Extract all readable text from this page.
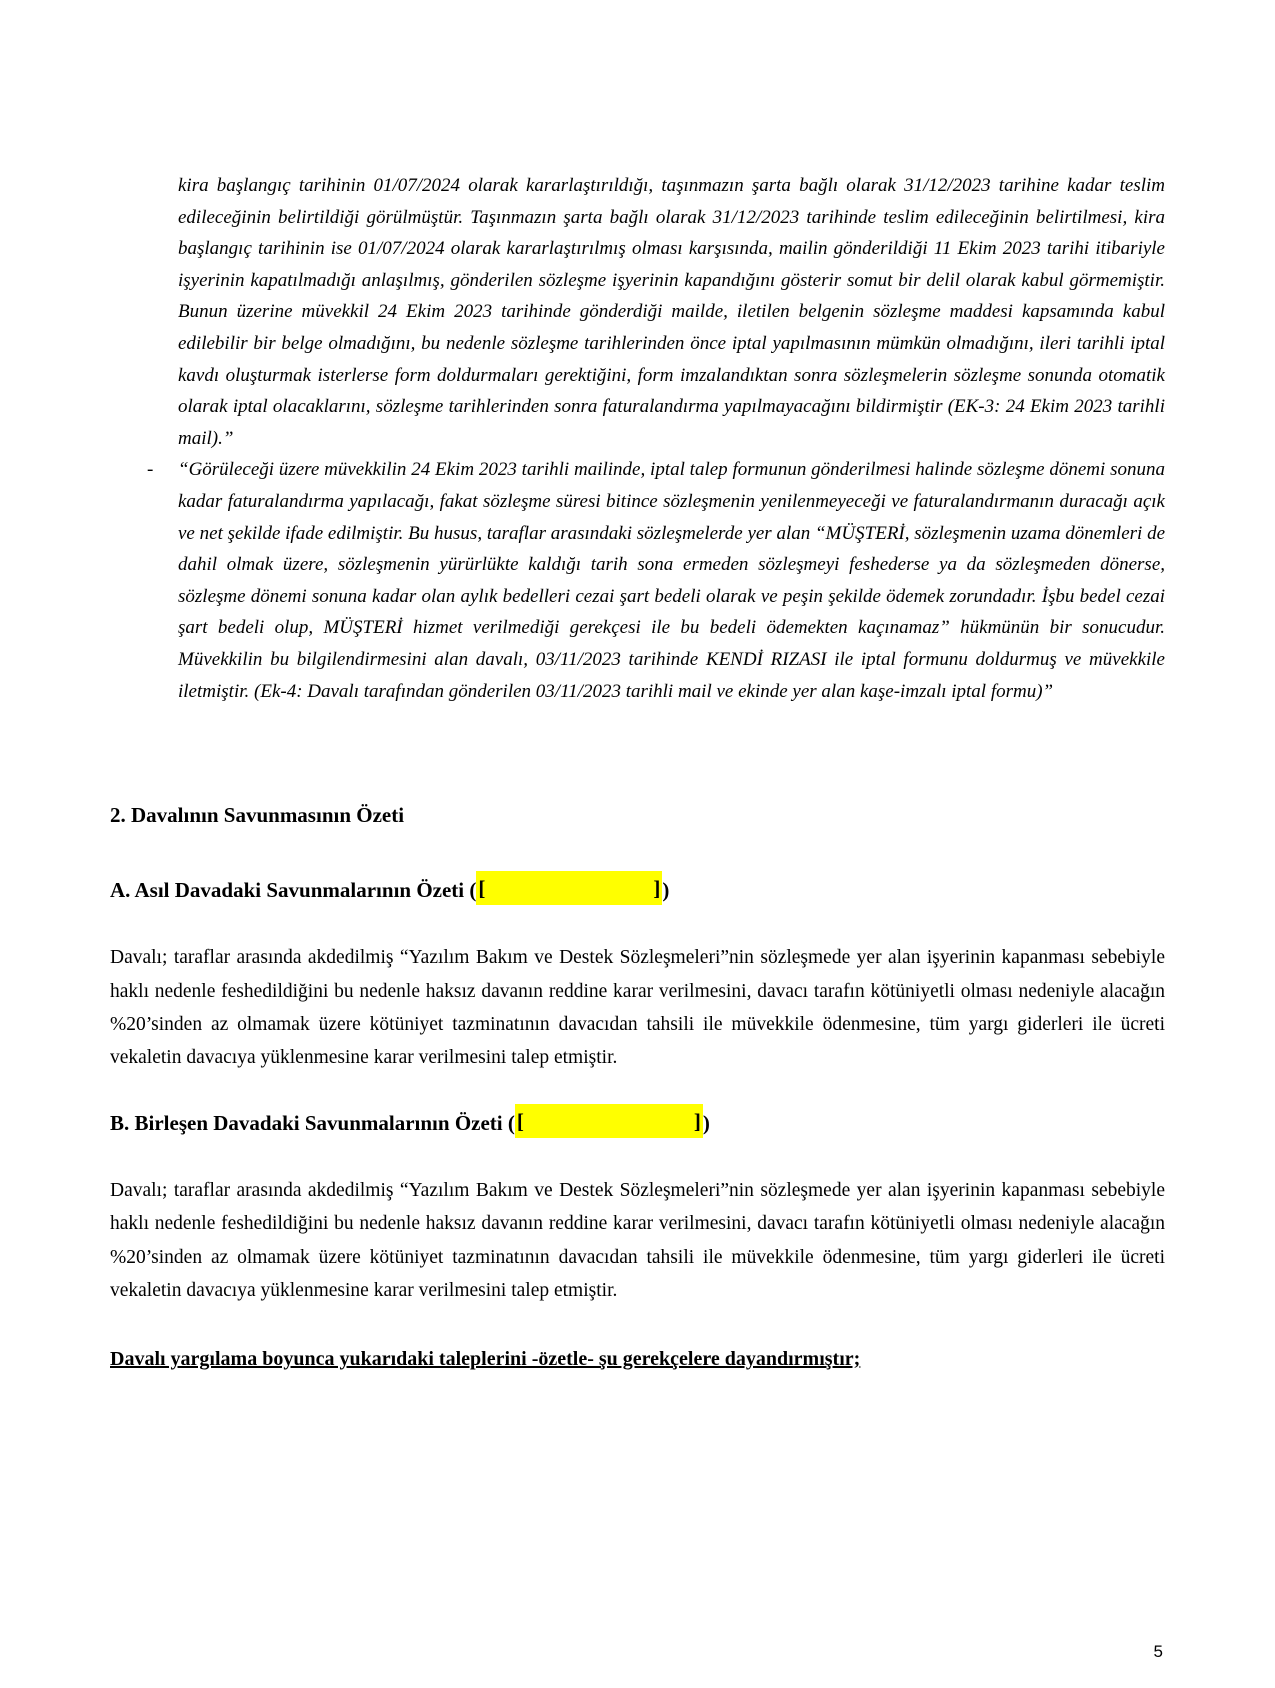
kira başlangıç tarihinin 01/07/2024 olarak kararlaştırıldığı, taşınmazın şarta bağlı olarak 31/12/2023 tarihine kadar teslim edileceğinin belirtildiği görülmüştür. Taşınmazın şarta bağlı olarak 31/12/2023 tarihinde teslim edileceğinin belirtilmesi, kira başlangıç tarihinin ise 01/07/2024 olarak kararlaştırılmış olması karşısında, mailin gönderildiği 11 Ekim 2023 tarihi itibariyle işyerinin kapatılmadığı anlaşılmış, gönderilen sözleşme işyerinin kapandığını gösterir somut bir delil olarak kabul görmemiştir. Bunun üzerine müvekkil 24 Ekim 2023 tarihinde gönderdiği mailde, iletilen belgenin sözleşme maddesi kapsamında kabul edilebilir bir belge olmadığını, bu nedenle sözleşme tarihlerinden önce iptal yapılmasının mümkün olmadığını, ileri tarihli iptal kavdı oluşturmak isterlerse form doldurmaları gerektiğini, form imzalandıktan sonra sözleşmelerin sözleşme sonunda otomatik olarak iptal olacaklarını, sözleşme tarihlerinden sonra faturalandırma yapılmayacağını bildirmiştir (EK-3: 24 Ekim 2023 tarihli mail).”

- “Görüleceği üzere müvekkilin 24 Ekim 2023 tarihli mailinde, iptal talep formunun gönderilmesi halinde sözleşme dönemi sonuna kadar faturalandırma yapılacağı, fakat sözleşme süresi bitince sözleşmenin yenilenmeyeceği ve faturalandırmanın duracağı açık ve net şekilde ifade edilmiştir. Bu husus, taraflar arasındaki sözleşmelerde yer alan “MÜŞTERİ, sözleşmenin uzama dönemleri de dahil olmak üzere, sözleşmenin yürürlükte kaldığı tarih sona ermeden sözleşmeyi feshederse ya da sözleşmeden dönerse, sözleşme dönemi sonuna kadar olan aylık bedelleri cezai şart bedeli olarak ve peşin şekilde ödemek zorundadır. İşbu bedel cezai şart bedeli olup, MÜŞTERİ hizmet verilmediği gerekçesi ile bu bedeli ödemekten kaçınamaz” hükmünün bir sonucudur. Müvekkilin bu bilgilendirmesini alan davalı, 03/11/2023 tarihinde KENDİ RIZASI ile iptal formunu doldurmuş ve müvekkile iletmiştir. (Ek-4: Davalı tarafından gönderilen 03/11/2023 tarihli mail ve ekinde yer alan kaşe-imzalı iptal formu)”

2. Davalının Savunmasının Özeti
A. Asıl Davadaki Savunmalarının Özeti ([	])

Davalı; taraflar arasında akdedilmiş “Yazılım Bakım ve Destek Sözleşmeleri”nin sözleşmede yer alan işyerinin kapanması sebebiyle haklı nedenle feshedildiğini bu nedenle haksız davanın reddine karar verilmesini, davacı tarafın kötüniyetli olması nedeniyle alacağın %20’sinden az olmamak üzere kötüniyet tazminatının davacıdan tahsili ile müvekkile ödenmesine, tüm yargı giderleri ile ücreti vekaletin davacıya yüklenmesine karar verilmesini talep etmiştir.

B. Birleşen Davadaki Savunmalarının Özeti ([	])

Davalı; taraflar arasında akdedilmiş “Yazılım Bakım ve Destek Sözleşmeleri”nin sözleşmede yer alan işyerinin kapanması sebebiyle haklı nedenle feshedildiğini bu nedenle haksız davanın reddine karar verilmesini, davacı tarafın kötüniyetli olması nedeniyle alacağın %20’sinden az olmamak üzere kötüniyet tazminatının davacıdan tahsili ile müvekkile ödenmesine, tüm yargı giderleri ile ücreti vekaletin davacıya yüklenmesine karar verilmesini talep etmiştir.

Davalı yargılama boyunca yukarıdaki taleplerini -özetle- şu gerekçelere dayandırmıştır;
5
